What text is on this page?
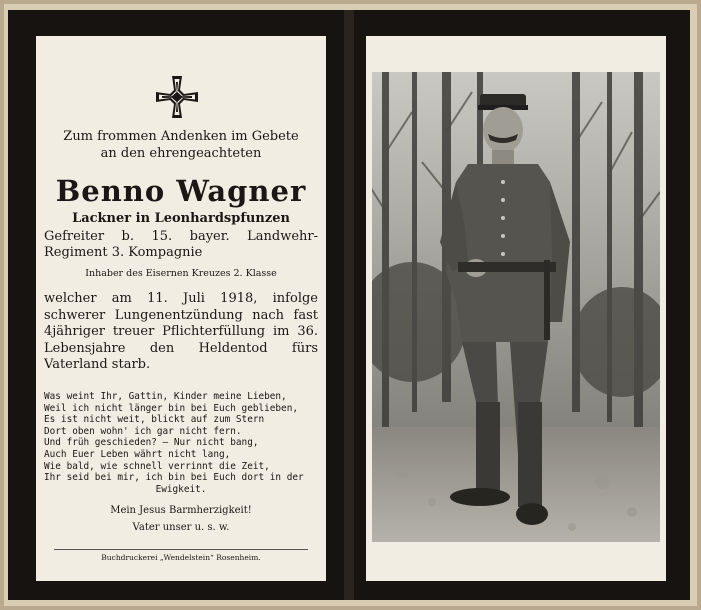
Zum frommen Andenken im Gebete
an den ehrengeachteten
Benno Wagner
Lackner in Leonhardspfunzen
Gefreiter b. 15. bayer. Landwehr-Regiment 3. Kompagnie
Inhaber des Eisernen Kreuzes 2. Klasse
welcher am 11. Juli 1918, infolge schwerer Lungenentzündung nach fast 4jähriger treuer Pflichterfüllung im 36. Lebensjahre den Heldentod fürs Vaterland starb.
Was weint Ihr, Gattin, Kinder meine Lieben,
Weil ich nicht länger bin bei Euch geblieben,
Es ist nicht weit, blickt auf zum Stern
Dort oben wohn' ich gar nicht fern.
Und früh geschieden? — Nur nicht bang,
Auch Euer Leben währt nicht lang,
Wie bald, wie schnell verrinnt die Zeit,
Ihr seid bei mir, ich bin bei Euch dort in der
Ewigkeit.
Mein Jesus Barmherzigkeit!
Vater unser u. s. w.
Buchdruckerei „Wendelstein“ Rosenheim.
